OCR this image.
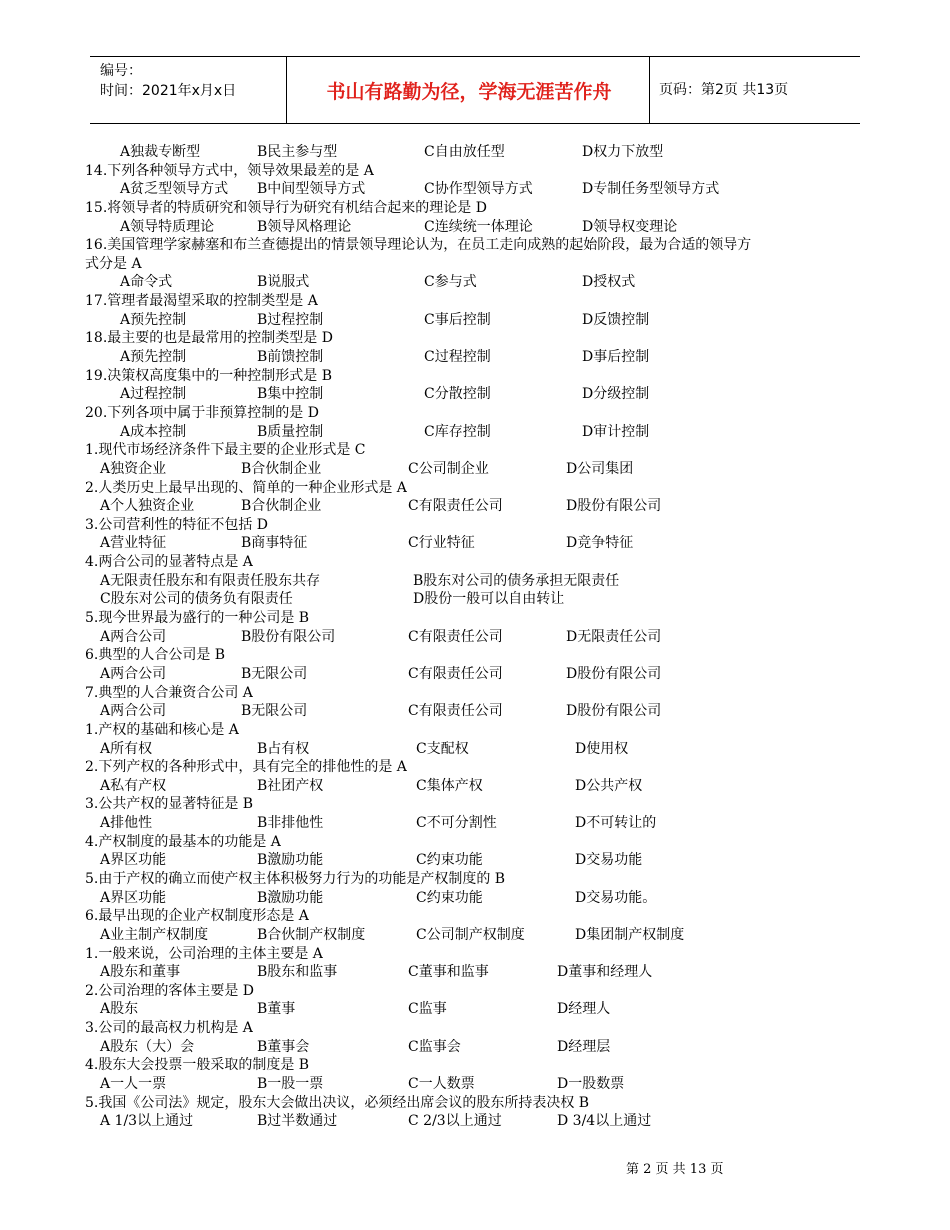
编号：
时间：2021年x月x日	书山有路勤为径，学海无涯苦作舟	页码：第2页 共13页
A独裁专断型	B民主参与型	C自由放任型	D权力下放型
14.下列各种领导方式中，领导效果最差的是 A
A贫乏型领导方式 B中间型领导方式	C协作型领导方式	D专制任务型领导方式
15.将领导者的特质研究和领导行为研究有机结合起来的理论是 D
A领导特质理论	B领导风格理论	C连续统一体理论	D领导权变理论
16.美国管理学家赫塞和布兰查德提出的情景领导理论认为，在员工走向成熟的起始阶段，最为合适的领导方
式分是 A
A命令式	B说服式	C参与式	D授权式
17.管理者最渴望采取的控制类型是 A
A预先控制	B过程控制	C事后控制	D反馈控制
18.最主要的也是最常用的控制类型是 D
A预先控制	B前馈控制	C过程控制	D事后控制
19.决策权高度集中的一种控制形式是 B
A过程控制	B集中控制	C分散控制	D分级控制
20.下列各项中属于非预算控制的是 D
A成本控制	B质量控制	C库存控制	D审计控制
1.现代市场经济条件下最主要的企业形式是 C
A独资企业	B合伙制企业	C公司制企业	D公司集团
2.人类历史上最早出现的、简单的一种企业形式是 A
A个人独资企业	B合伙制企业	C有限责任公司	D股份有限公司
3.公司营利性的特征不包括 D
A营业特征	B商事特征	C行业特征	D竞争特征
4.两合公司的显著特点是 A
A无限责任股东和有限责任股东共存	B股东对公司的债务承担无限责任
C股东对公司的债务负有限责任	D股份一般可以自由转让
5.现今世界最为盛行的一种公司是 B
A两合公司	B股份有限公司	C有限责任公司	D无限责任公司
6.典型的人合公司是 B
A两合公司	B无限公司	C有限责任公司	D股份有限公司
7.典型的人合兼资合公司 A
A两合公司	B无限公司	C有限责任公司	D股份有限公司
1.产权的基础和核心是 A
A所有权	B占有权	C支配权	D使用权
2.下列产权的各种形式中，具有完全的排他性的是 A
A私有产权	B社团产权	C集体产权	D公共产权
3.公共产权的显著特征是 B
A排他性	B非排他性	C不可分割性	D不可转让的
4.产权制度的最基本的功能是 A
A界区功能	B激励功能	C约束功能	D交易功能
5.由于产权的确立而使产权主体积极努力行为的功能是产权制度的 B
A界区功能	B激励功能	C约束功能	D交易功能。
6.最早出现的企业产权制度形态是 A
A业主制产权制度	B合伙制产权制度	C公司制产权制度	D集团制产权制度
1.一般来说，公司治理的主体主要是 A
A股东和董事	B股东和监事	C董事和监事	D董事和经理人
2.公司治理的客体主要是 D
A股东	B董事	C监事	D经理人
3.公司的最高权力机构是 A
A股东（大）会	B董事会	C监事会	D经理层
4.股东大会投票一般采取的制度是 B
A一人一票	B一股一票	C一人数票	D一股数票
5.我国《公司法》规定，股东大会做出决议，必须经出席会议的股东所持表决权 B
A 1/3以上通过	B过半数通过	C 2/3以上通过	D 3/4以上通过
第 2 页 共 13 页
